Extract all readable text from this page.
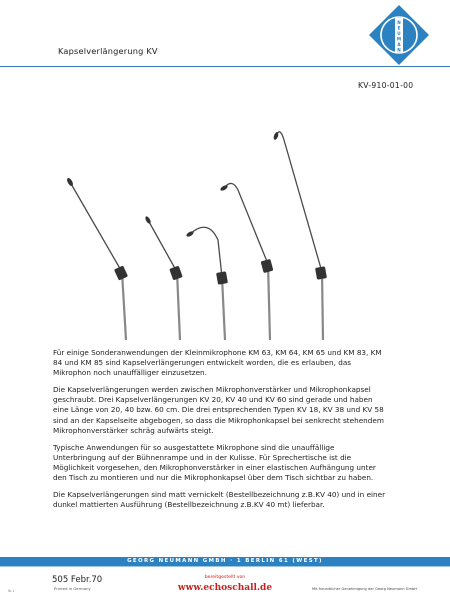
Kapselverlängerung KV
N
E
U
M
A
N
KV-910-01-00

Für einige Sonderanwendungen der Kleinmikrophone KM 63, KM 64, KM 65 und KM 83, KM 84 und KM 85 sind Kapselverlängerungen entwickelt worden, die es erlauben, das Mikrophon noch unauffälliger einzusetzen.

Die Kapselverlängerungen werden zwischen Mikrophonverstärker und Mikrophonkapsel geschraubt. Drei Kapselverlängerungen KV 20, KV 40 und KV 60 sind gerade und haben eine Länge von 20, 40 bzw. 60 cm. Die drei entsprechenden Typen KV 18, KV 38 und KV 58 sind an der Kapselseite abgebogen, so dass die Mikrophonkapsel bei senkrecht stehendem Mikrophonverstärker schräg aufwärts steigt.

Typische Anwendungen für so ausgestattete Mikrophone sind die unauffällige Unterbringung auf der Bühnenrampe und in der Kulisse. Für Sprechertische ist die Möglichkeit vorgesehen, den Mikrophonverstärker in einer elastischen Aufhängung unter den Tisch zu montieren und nur die Mikrophonkapsel über dem Tisch sichtbar zu haben.

Die Kapselverlängerungen sind matt vernickelt (Bestellbezeichnung z.B.KV 40) und in einer dunkel mattierten Ausführung (Bestellbezeichnung z.B.KV 40 mt) lieferbar.

GEORG NEUMANN GMBH · 1 BERLIN 61 (WEST)
Nr.1
505 Febr.70
Printed in Germany
bereitgestellt von
www.echoschall.de	Mit freundlicher Genehmigung der Georg Neumann GmbH
